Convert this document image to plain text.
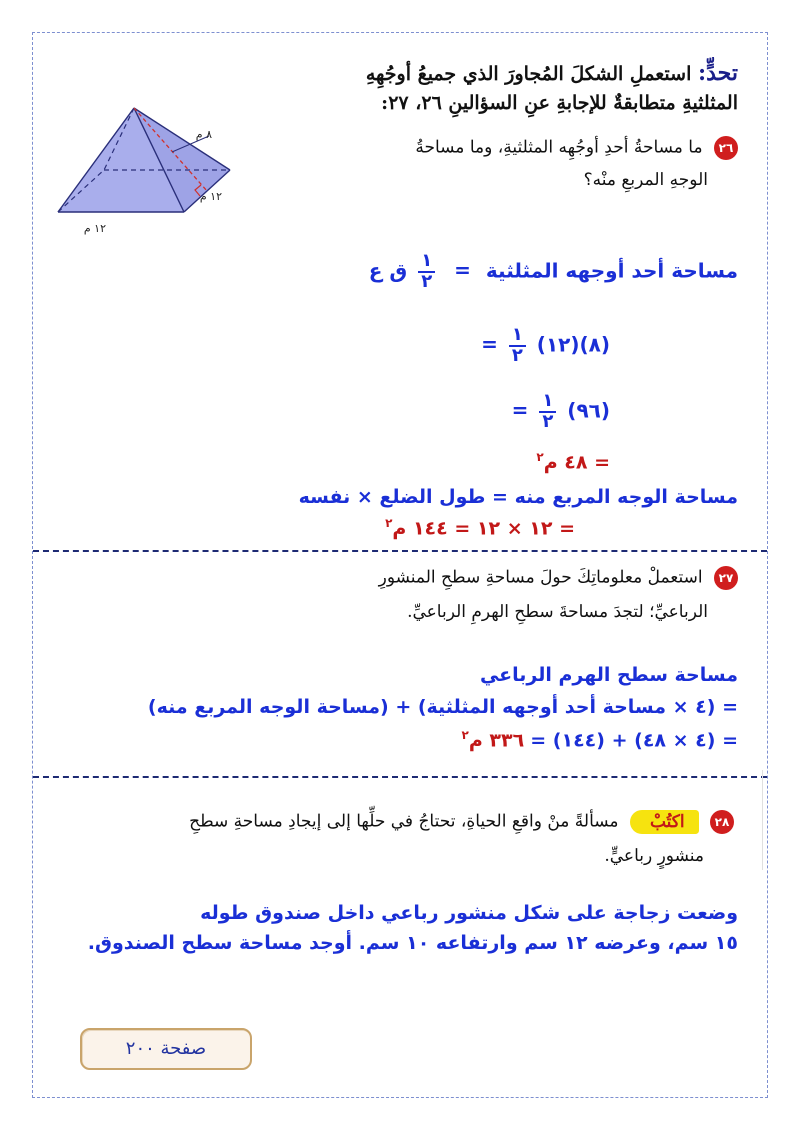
٨ م
١٢ م
١٢ م
تحدٍّ: استعملِ الشكلَ المُجاورَ الذي جميعُ أوجُهِهِ
المثلثيةِ متطابقةٌ للإجابةِ عنِ السؤالينِ ٢٦، ٢٧:
٢٦ ما مساحةُ أحدِ أوجُهِه المثلثيةِ، وما مساحةُ
الوجهِ المربعِ منْه؟
مساحة أحد أوجهه المثلثية =
$\frac{١}{٢}$
ق ع
= $\frac{١}{٢}$ (١٢)(٨)
= $\frac{١}{٢}$ (٩٦)
= ٤٨ م$^٢$
مساحة الوجه المربع منه = طول الضلع × نفسه
= ١٢ × ١٢ = ١٤٤ م$^٢$
٢٧ استعملْ معلوماتِكَ حولَ مساحةِ سطحِ المنشورِ
الرباعيِّ؛ لتجدَ مساحةَ سطحِ الهرمِ الرباعيِّ.
مساحة سطح الهرم الرباعي
= (٤ × مساحة أحد أوجهه المثلثية) + (مساحة الوجه المربع منه)
= (٤ × ٤٨) + (١٤٤) = ٣٣٦ م$^٢$
٢٨ اكتُبْ مسألةً منْ واقعِ الحياةِ، تحتاجُ في حلِّها إلى إيجادِ مساحةِ سطحِ
منشورٍ رباعيٍّ.
وضعت زجاجة على شكل منشور رباعي داخل صندوق طوله
١٥ سم، وعرضه ١٢ سم وارتفاعه ١٠ سم. أوجد مساحة سطح الصندوق.
صفحة ٢٠٠
